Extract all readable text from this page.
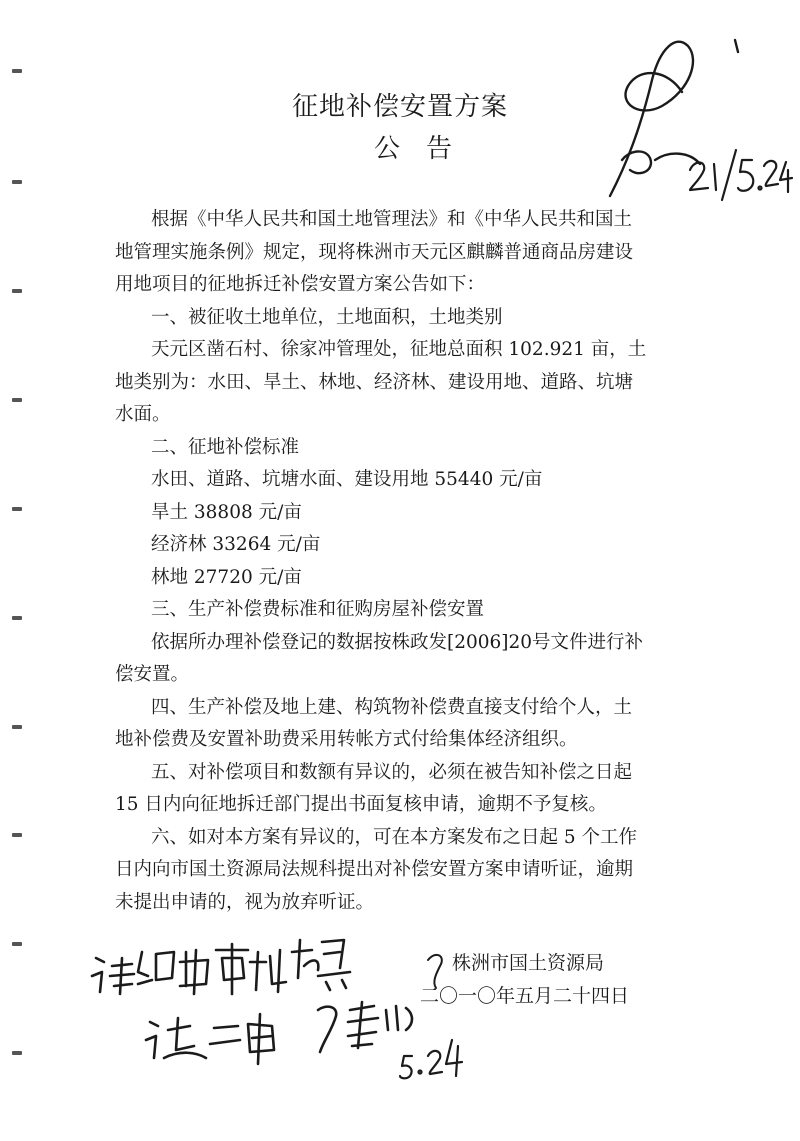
征地补偿安置方案
公告
根据《中华人民共和国土地管理法》和《中华人民共和国土
地管理实施条例》规定，现将株洲市天元区麒麟普通商品房建设
用地项目的征地拆迁补偿安置方案公告如下：
一、被征收土地单位，土地面积，土地类别
天元区凿石村、徐家冲管理处，征地总面积 102.921 亩，土
地类别为：水田、旱土、林地、经济林、建设用地、道路、坑塘
水面。
二、征地补偿标准
水田、道路、坑塘水面、建设用地 55440 元/亩
旱土 38808 元/亩
经济林 33264 元/亩
林地 27720 元/亩
三、生产补偿费标准和征购房屋补偿安置
依据所办理补偿登记的数据按株政发[2006]20号文件进行补
偿安置。
四、生产补偿及地上建、构筑物补偿费直接支付给个人，土
地补偿费及安置补助费采用转帐方式付给集体经济组织。
五、对补偿项目和数额有异议的，必须在被告知补偿之日起
15 日内向征地拆迁部门提出书面复核申请，逾期不予复核。
六、如对本方案有异议的，可在本方案发布之日起 5 个工作
日内向市国土资源局法规科提出对补偿安置方案申请听证，逾期
未提出申请的，视为放弃听证。
株洲市国土资源局
二〇一〇年五月二十四日
